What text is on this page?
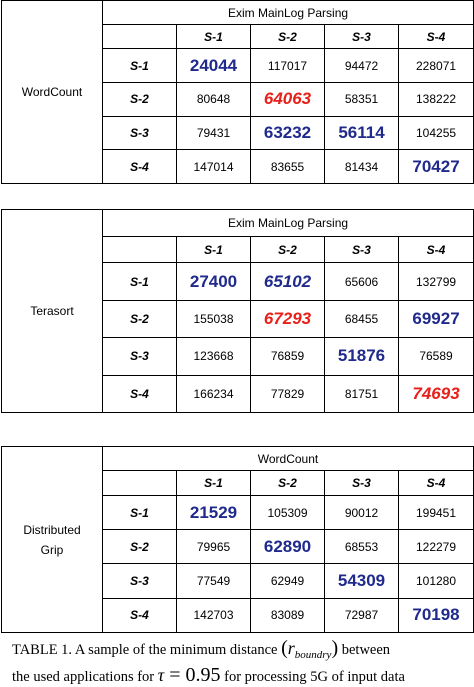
WordCount	Exim MainLog Parsing				
		S-1	S-2	S-3	S-4
	S-1	24044	117017	94472	228071
	S-2	80648	64063	58351	138222
	S-3	79431	63232	56114	104255
	S-4	147014	83655	81434	70427
Terasort	Exim MainLog Parsing				
		S-1	S-2	S-3	S-4
	S-1	27400	65102	65606	132799
	S-2	155038	67293	68455	69927
	S-3	123668	76859	51876	76589
	S-4	166234	77829	81751	74693
Distributed
Grip	WordCount				
		S-1	S-2	S-3	S-4
	S-1	21529	105309	90012	199451
	S-2	79965	62890	68553	122279
	S-3	77549	62949	54309	101280
	S-4	142703	83089	72987	70198
TABLE 1. A sample of the minimum distance $(r_{boundry})$ between
the used applications for τ = 0.95 for processing 5G of input data
